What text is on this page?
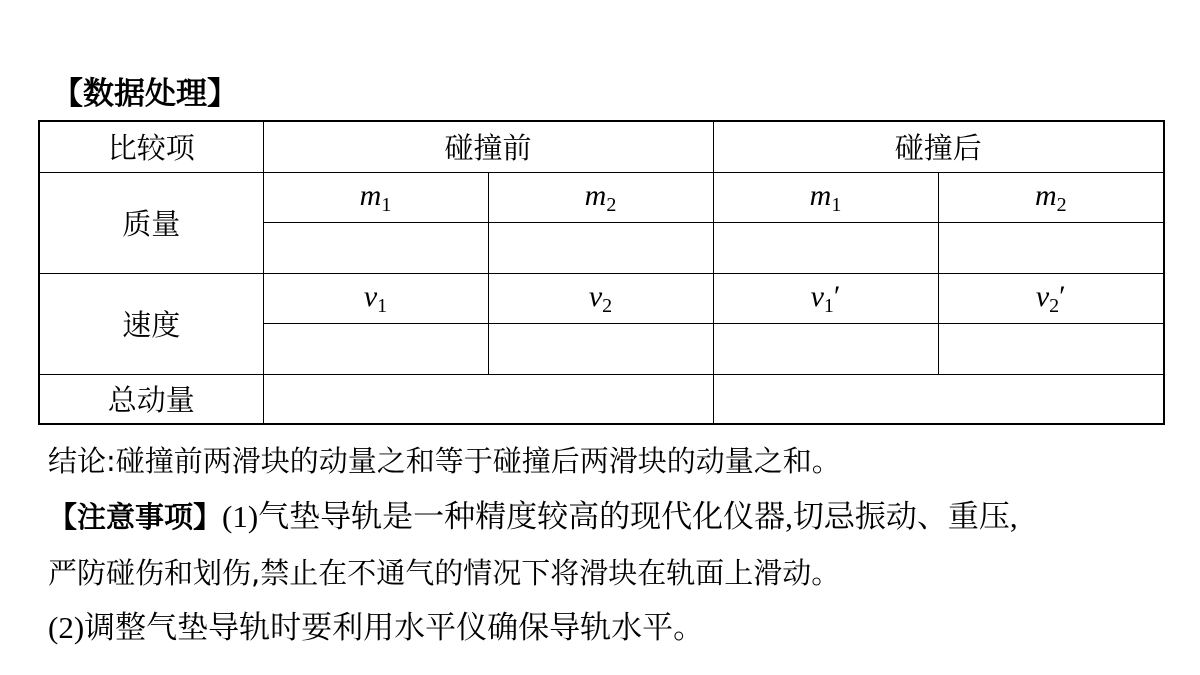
【数据处理】
比较项	碰撞前		碰撞后	
质量	$m_1$	$m_2$	$m_1$	$m_2$

速度	$v_1$	$v_2$	$v_1'$	$v_2'$

总动量				
结论:碰撞前两滑块的动量之和等于碰撞后两滑块的动量之和。
【注意事项】(1)气垫导轨是一种精度较高的现代化仪器,切忌振动、重压,
严防碰伤和划伤,禁止在不通气的情况下将滑块在轨面上滑动。
(2)调整气垫导轨时要利用水平仪确保导轨水平。
